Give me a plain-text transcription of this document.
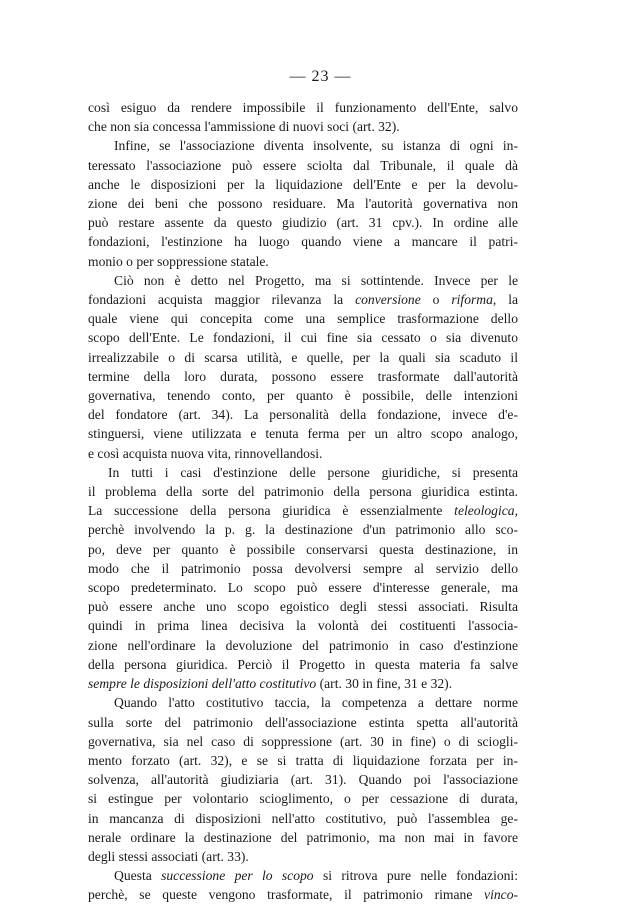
— 23 —

così esiguo da rendere impossibile il funzionamento dell'Ente, salvo
che non sia concessa l'ammissione di nuovi soci (art. 32).

Infine, se l'associazione diventa insolvente, su istanza di ogni in-
teressato l'associazione può essere sciolta dal Tribunale, il quale dà
anche le disposizioni per la liquidazione dell'Ente e per la devolu-
zione dei beni che possono residuare. Ma l'autorità governativa non
può restare assente da questo giudizio (art. 31 cpv.). In ordine alle
fondazioni, l'estinzione ha luogo quando viene a mancare il patri-
monio o per soppressione statale.

Ciò non è detto nel Progetto, ma si sottintende. Invece per le
fondazioni acquista maggior rilevanza la conversione o riforma, la
quale viene qui concepita come una semplice trasformazione dello
scopo dell'Ente. Le fondazioni, il cui fine sia cessato o sia divenuto
irrealizzabile o di scarsa utilità, e quelle, per la quali sia scaduto il
termine della loro durata, possono essere trasformate dall'autorità
governativa, tenendo conto, per quanto è possibile, delle intenzioni
del fondatore (art. 34). La personalità della fondazione, invece d'e-
stinguersi, viene utilizzata e tenuta ferma per un altro scopo analogo,
e così acquista nuova vita, rinnovellandosi.

In tutti i casi d'estinzione delle persone giuridiche, si presenta
il problema della sorte del patrimonio della persona giuridica estinta.
La successione della persona giuridica è essenzialmente teleologica,
perchè involvendo la p. g. la destinazione d'un patrimonio allo sco-
po, deve per quanto è possibile conservarsi questa destinazione, in
modo che il patrimonio possa devolversi sempre al servizio dello
scopo predeterminato. Lo scopo può essere d'interesse generale, ma
può essere anche uno scopo egoistico degli stessi associati. Risulta
quindi in prima linea decisiva la volontà dei costituenti l'associa-
zione nell'ordinare la devoluzione del patrimonio in caso d'estinzione
della persona giuridica. Perciò il Progetto in questa materia fa salve
sempre le disposizioni dell'atto costitutivo (art. 30 in fine, 31 e 32).

Quando l'atto costitutivo taccia, la competenza a dettare norme
sulla sorte del patrimonio dell'associazione estinta spetta all'autorità
governativa, sia nel caso di soppressione (art. 30 in fine) o di sciogli-
mento forzato (art. 32), e se si tratta di liquidazione forzata per in-
solvenza, all'autorità giudiziaria (art. 31). Quando poi l'associazione
si estingue per volontario scioglimento, o per cessazione di durata,
in mancanza di disposizioni nell'atto costitutivo, può l'assemblea ge-
nerale ordinare la destinazione del patrimonio, ma non mai in favore
degli stessi associati (art. 33).

Questa successione per lo scopo si ritrova pure nelle fondazioni:
perchè, se queste vengono trasformate, il patrimonio rimane vinco-
